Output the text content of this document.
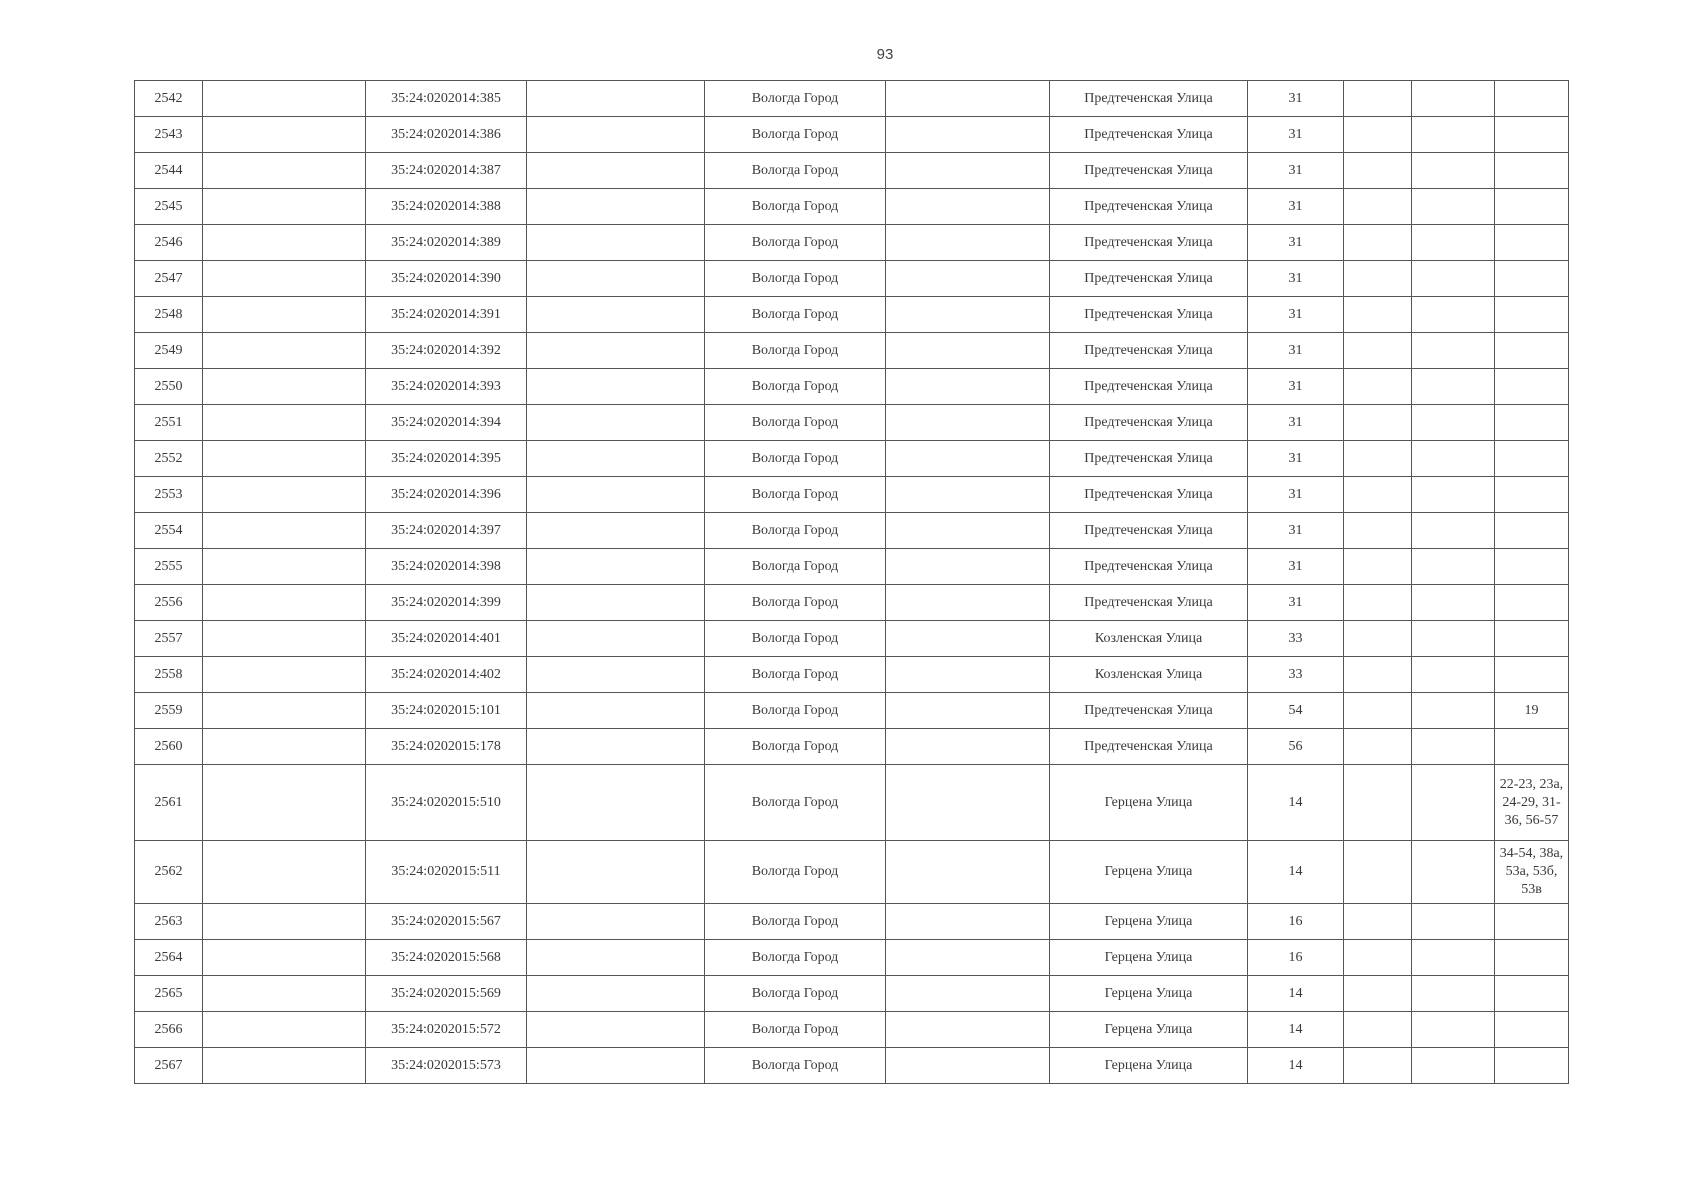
93
2542		35:24:0202014:385		Вологда Город		Предтеченская Улица	31			
2543		35:24:0202014:386		Вологда Город		Предтеченская Улица	31			
2544		35:24:0202014:387		Вологда Город		Предтеченская Улица	31			
2545		35:24:0202014:388		Вологда Город		Предтеченская Улица	31			
2546		35:24:0202014:389		Вологда Город		Предтеченская Улица	31			
2547		35:24:0202014:390		Вологда Город		Предтеченская Улица	31			
2548		35:24:0202014:391		Вологда Город		Предтеченская Улица	31			
2549		35:24:0202014:392		Вологда Город		Предтеченская Улица	31			
2550		35:24:0202014:393		Вологда Город		Предтеченская Улица	31			
2551		35:24:0202014:394		Вологда Город		Предтеченская Улица	31			
2552		35:24:0202014:395		Вологда Город		Предтеченская Улица	31			
2553		35:24:0202014:396		Вологда Город		Предтеченская Улица	31			
2554		35:24:0202014:397		Вологда Город		Предтеченская Улица	31			
2555		35:24:0202014:398		Вологда Город		Предтеченская Улица	31			
2556		35:24:0202014:399		Вологда Город		Предтеченская Улица	31			
2557		35:24:0202014:401		Вологда Город		Козленская Улица	33			
2558		35:24:0202014:402		Вологда Город		Козленская Улица	33			
2559		35:24:0202015:101		Вологда Город		Предтеченская Улица	54			19
2560		35:24:0202015:178		Вологда Город		Предтеченская Улица	56			
2561		35:24:0202015:510		Вологда Город		Герцена Улица	14			22-23, 23а, 24-29, 31-36, 56-57
2562		35:24:0202015:511		Вологда Город		Герцена Улица	14			34-54, 38а, 53а, 53б, 53в
2563		35:24:0202015:567		Вологда Город		Герцена Улица	16			
2564		35:24:0202015:568		Вологда Город		Герцена Улица	16			
2565		35:24:0202015:569		Вологда Город		Герцена Улица	14			
2566		35:24:0202015:572		Вологда Город		Герцена Улица	14			
2567		35:24:0202015:573		Вологда Город		Герцена Улица	14			
